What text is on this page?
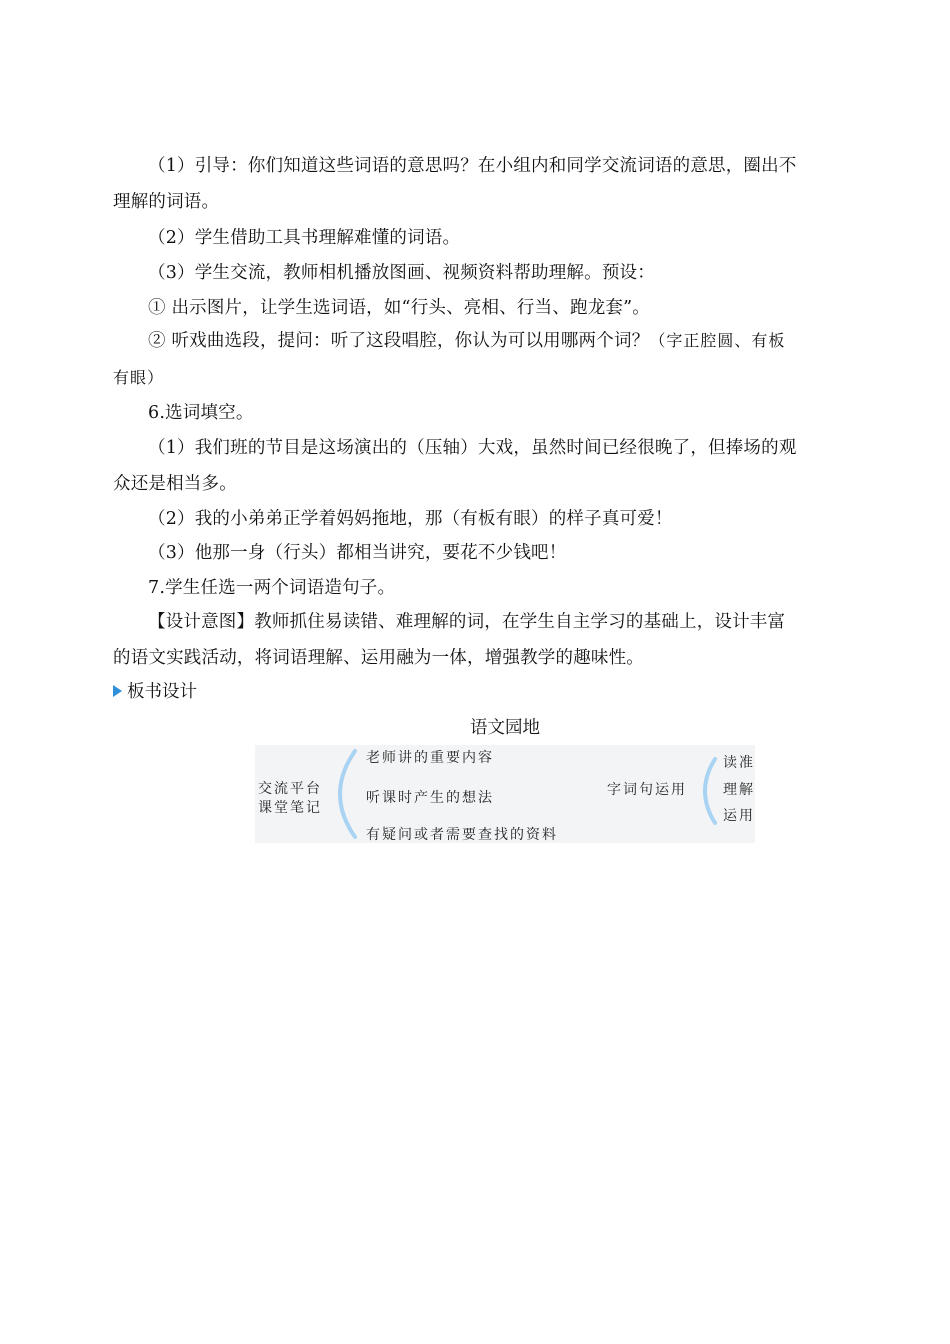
（1）引导：你们知道这些词语的意思吗？在小组内和同学交流词语的意思，圈出不
理解的词语。
（2）学生借助工具书理解难懂的词语。
（3）学生交流，教师相机播放图画、视频资料帮助理解。预设：
① 出示图片，让学生选词语，如“行头、亮相、行当、跑龙套”。
② 听戏曲选段，提问：听了这段唱腔，你认为可以用哪两个词？（字正腔圆、有板
有眼）
6.选词填空。
（1）我们班的节目是这场演出的（压轴）大戏，虽然时间已经很晚了，但捧场的观
众还是相当多。
（2）我的小弟弟正学着妈妈拖地，那（有板有眼）的样子真可爱！
（3）他那一身（行头）都相当讲究，要花不少钱吧！
7.学生任选一两个词语造句子。
【设计意图】教师抓住易读错、难理解的词，在学生自主学习的基础上，设计丰富
的语文实践活动，将词语理解、运用融为一体，增强教学的趣味性。
板书设计
语文园地
交流平台
课堂笔记
老师讲的重要内容
听课时产生的想法
有疑问或者需要查找的资料
字词句运用
读准
理解
运用
